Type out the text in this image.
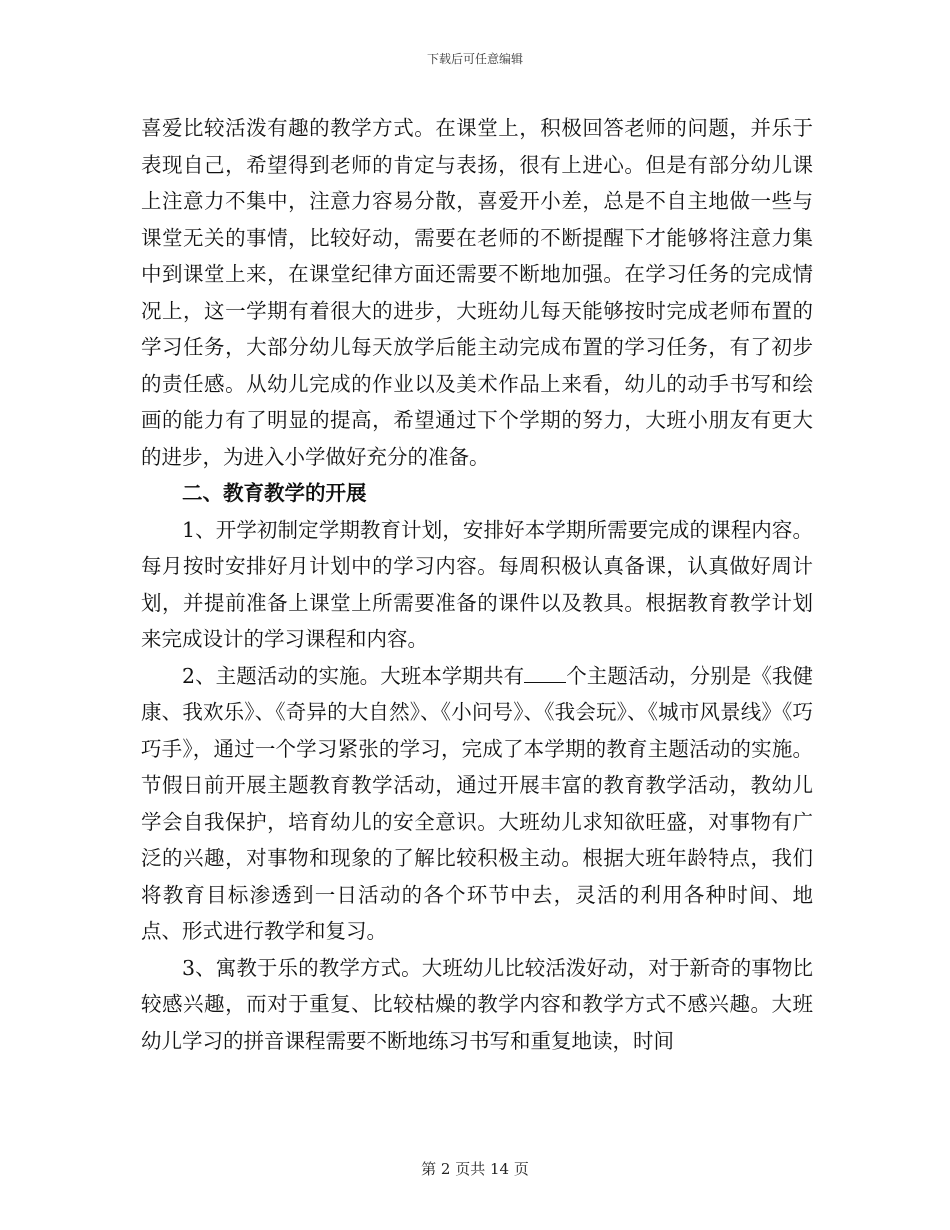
下载后可任意编辑

喜爱比较活泼有趣的教学方式。在课堂上，积极回答老师的问题，并乐于表现自己，希望得到老师的肯定与表扬，很有上进心。但是有部分幼儿课上注意力不集中，注意力容易分散，喜爱开小差，总是不自主地做一些与课堂无关的事情，比较好动，需要在老师的不断提醒下才能够将注意力集中到课堂上来，在课堂纪律方面还需要不断地加强。在学习任务的完成情况上，这一学期有着很大的进步，大班幼儿每天能够按时完成老师布置的学习任务，大部分幼儿每天放学后能主动完成布置的学习任务，有了初步的责任感。从幼儿完成的作业以及美术作品上来看，幼儿的动手书写和绘画的能力有了明显的提高，希望通过下个学期的努力，大班小朋友有更大的进步，为进入小学做好充分的准备。

二、教育教学的开展

1、开学初制定学期教育计划，安排好本学期所需要完成的课程内容。每月按时安排好月计划中的学习内容。每周积极认真备课，认真做好周计划，并提前准备上课堂上所需要准备的课件以及教具。根据教育教学计划来完成设计的学习课程和内容。

2、主题活动的实施。大班本学期共有 个主题活动，分别是《我健康、我欢乐》、《奇异的大自然》、《小问号》、《我会玩》、《城市风景线》《巧巧手》，通过一个学习紧张的学习，完成了本学期的教育主题活动的实施。节假日前开展主题教育教学活动，通过开展丰富的教育教学活动，教幼儿学会自我保护，培育幼儿的安全意识。大班幼儿求知欲旺盛，对事物有广泛的兴趣，对事物和现象的了解比较积极主动。根据大班年龄特点，我们将教育目标渗透到一日活动的各个环节中去，灵活的利用各种时间、地点、形式进行教学和复习。

3、寓教于乐的教学方式。大班幼儿比较活泼好动，对于新奇的事物比较感兴趣，而对于重复、比较枯燥的教学内容和教学方式不感兴趣。大班幼儿学习的拼音课程需要不断地练习书写和重复地读，时间

第 2 页共 14 页
